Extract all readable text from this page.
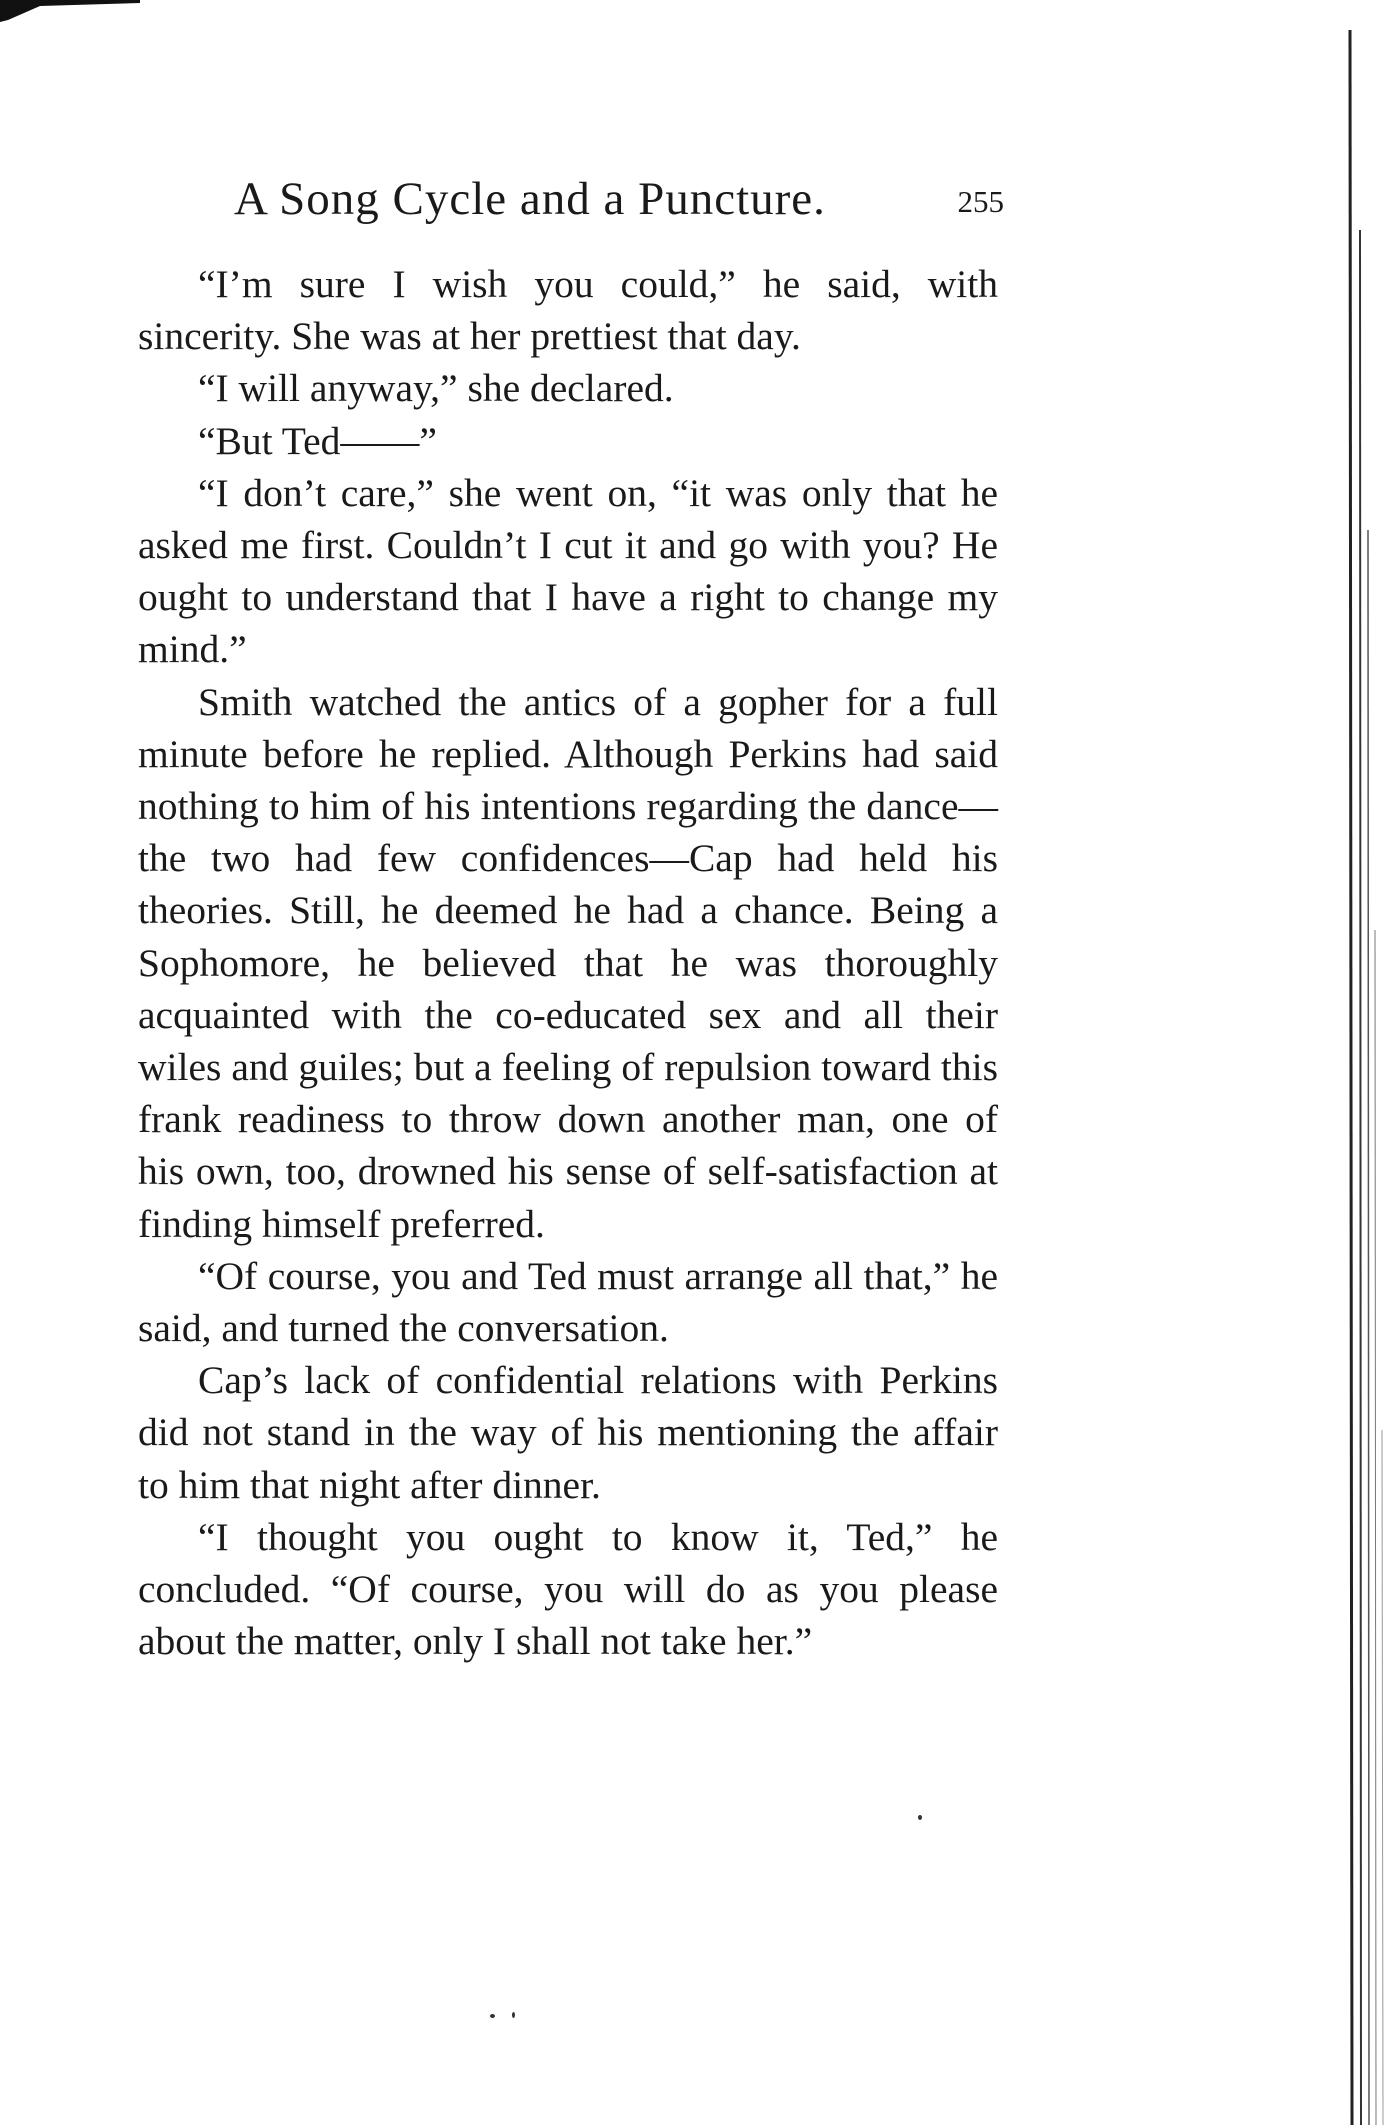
A Song Cycle and a Puncture.	255

“I’m sure I wish you could,” he said, with sincerity. She was at her prettiest that day.

“I will anyway,” she declared.

“But Ted——”

“I don’t care,” she went on, “it was only that he asked me first. Couldn’t I cut it and go with you? He ought to understand that I have a right to change my mind.”

Smith watched the antics of a gopher for a full minute before he replied. Although Perkins had said nothing to him of his intentions regarding the dance—the two had few confidences—Cap had held his theories. Still, he deemed he had a chance. Being a Sophomore, he believed that he was thoroughly acquainted with the co-educated sex and all their wiles and guiles; but a feeling of repulsion toward this frank readiness to throw down another man, one of his own, too, drowned his sense of self-satisfaction at finding himself preferred.

“Of course, you and Ted must arrange all that,” he said, and turned the conversation.

Cap’s lack of confidential relations with Perkins did not stand in the way of his mentioning the affair to him that night after dinner.

“I thought you ought to know it, Ted,” he concluded. “Of course, you will do as you please about the matter, only I shall not take her.”
